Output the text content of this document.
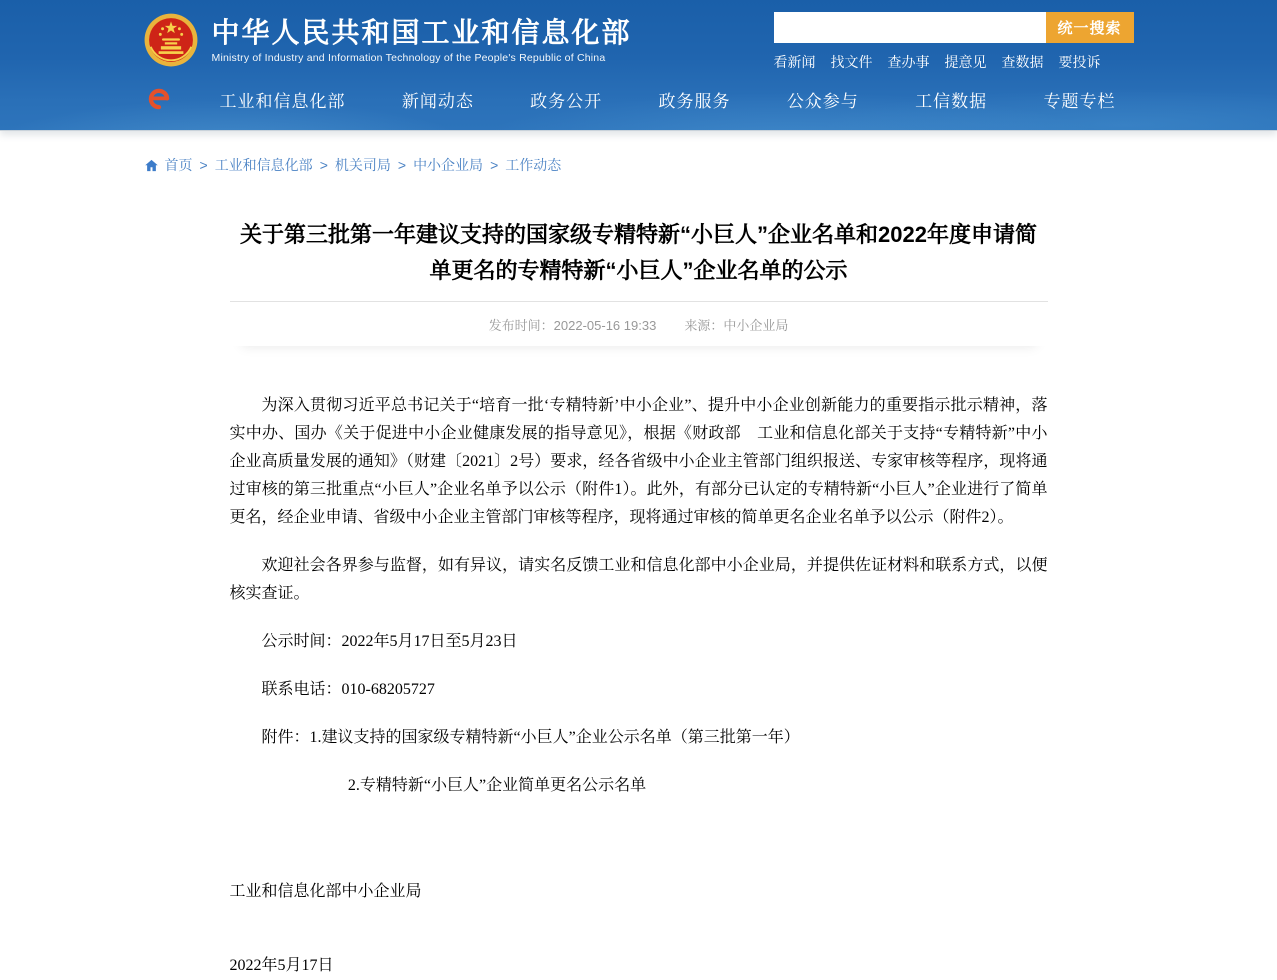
中华人民共和国工业和信息化部
Ministry of Industry and Information Technology of the People's Republic of China
统一搜索
看新闻 找文件 查办事 提意见 查数据 要投诉
工业和信息化部	新闻动态	政务公开	政务服务	公众参与	工信数据	专题专栏
首页 > 工业和信息化部 > 机关司局 > 中小企业局 > 工作动态
关于第三批第一年建议支持的国家级专精特新“小巨人”企业名单和2022年度申请简单更名的专精特新“小巨人”企业名单的公示
发布时间：2022-05-16 19:33 来源：中小企业局

为深入贯彻习近平总书记关于“培育一批‘专精特新’中小企业”、提升中小企业创新能力的重要指示批示精神，落实中办、国办《关于促进中小企业健康发展的指导意见》，根据《财政部　工业和信息化部关于支持“专精特新”中小企业高质量发展的通知》（财建〔2021〕2号）要求，经各省级中小企业主管部门组织报送、专家审核等程序，现将通过审核的第三批重点“小巨人”企业名单予以公示（附件1）。此外，有部分已认定的专精特新“小巨人”企业进行了简单更名，经企业申请、省级中小企业主管部门审核等程序，现将通过审核的简单更名企业名单予以公示（附件2）。

欢迎社会各界参与监督，如有异议，请实名反馈工业和信息化部中小企业局，并提供佐证材料和联系方式，以便核实查证。

公示时间：2022年5月17日至5月23日

联系电话：010-68205727

附件：1.建议支持的国家级专精特新“小巨人”企业公示名单（第三批第一年）

2.专精特新“小巨人”企业简单更名公示名单

工业和信息化部中小企业局

2022年5月17日
